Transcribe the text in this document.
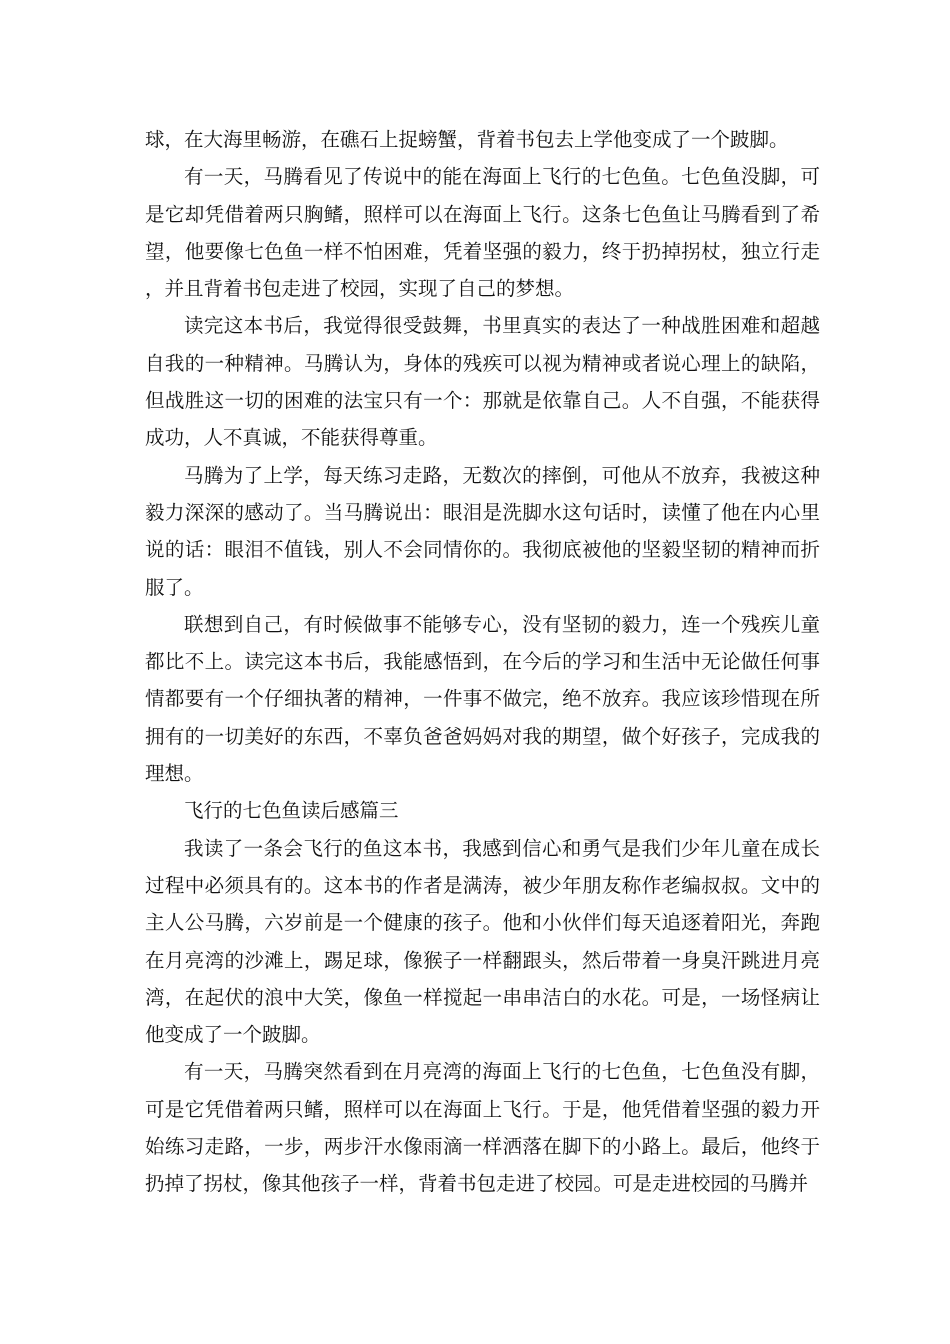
球，在大海里畅游，在礁石上捉螃蟹，背着书包去上学他变成了一个跛脚。

有一天，马腾看见了传说中的能在海面上飞行的七色鱼。七色鱼没脚，可是它却凭借着两只胸鳍，照样可以在海面上飞行。这条七色鱼让马腾看到了希望，他要像七色鱼一样不怕困难，凭着坚强的毅力，终于扔掉拐杖，独立行走，并且背着书包走进了校园，实现了自己的梦想。

读完这本书后，我觉得很受鼓舞，书里真实的表达了一种战胜困难和超越自我的一种精神。马腾认为，身体的残疾可以视为精神或者说心理上的缺陷，但战胜这一切的困难的法宝只有一个：那就是依靠自己。人不自强，不能获得成功，人不真诚，不能获得尊重。

马腾为了上学，每天练习走路，无数次的摔倒，可他从不放弃，我被这种毅力深深的感动了。当马腾说出：眼泪是洗脚水这句话时，读懂了他在内心里说的话：眼泪不值钱，别人不会同情你的。我彻底被他的坚毅坚韧的精神而折服了。

联想到自己，有时候做事不能够专心，没有坚韧的毅力，连一个残疾儿童都比不上。读完这本书后，我能感悟到，在今后的学习和生活中无论做任何事情都要有一个仔细执著的精神，一件事不做完，绝不放弃。我应该珍惜现在所拥有的一切美好的东西，不辜负爸爸妈妈对我的期望，做个好孩子，完成我的理想。

飞行的七色鱼读后感篇三

我读了一条会飞行的鱼这本书，我感到信心和勇气是我们少年儿童在成长过程中必须具有的。这本书的作者是满涛，被少年朋友称作老编叔叔。文中的主人公马腾，六岁前是一个健康的孩子。他和小伙伴们每天追逐着阳光，奔跑在月亮湾的沙滩上，踢足球，像猴子一样翻跟头，然后带着一身臭汗跳进月亮湾，在起伏的浪中大笑，像鱼一样搅起一串串洁白的水花。可是，一场怪病让他变成了一个跛脚。

有一天，马腾突然看到在月亮湾的海面上飞行的七色鱼，七色鱼没有脚，可是它凭借着两只鳍，照样可以在海面上飞行。于是，他凭借着坚强的毅力开始练习走路，一步，两步汗水像雨滴一样洒落在脚下的小路上。最后，他终于扔掉了拐杖，像其他孩子一样，背着书包走进了校园。可是走进校园的马腾并
